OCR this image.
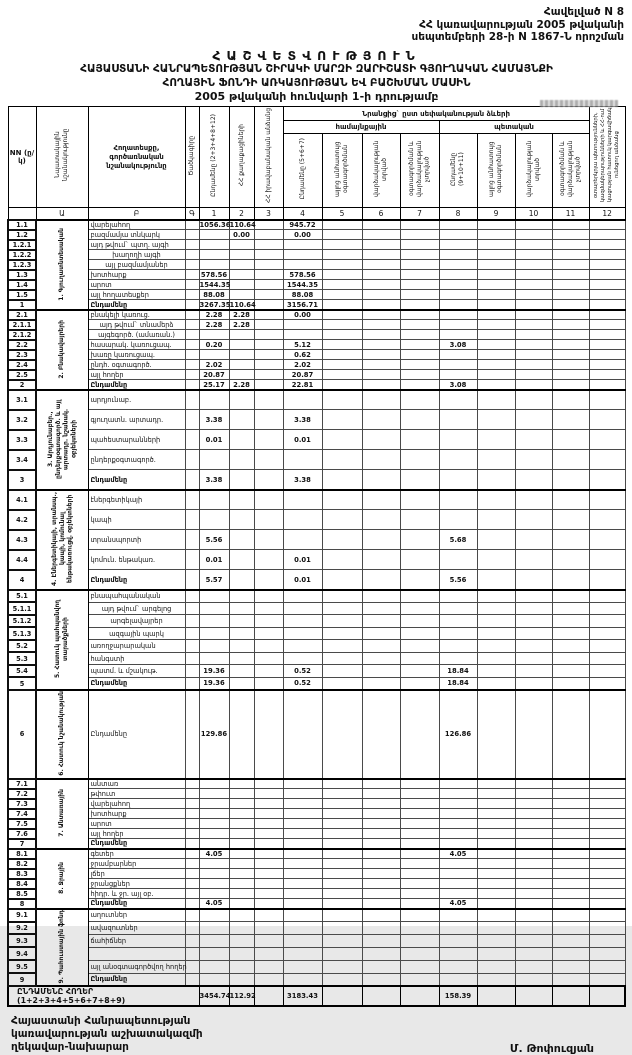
Հավելված N 8
ՀՀ կառավարության 2005 թվականի
սեպտեմբերի 28-ի N 1867-Ն որոշման
ՀԱՇՎԵՏՎՈՒԹՅՈՒՆ
ՀԱՅԱՍՏԱՆԻ ՀԱՆՐԱՊԵՏՈՒԹՅԱՆ ՇԻՐԱԿԻ ՄԱՐԶԻ ԶԱՐԻՇԱՏԻ ԳՅՈՒՂԱԿԱՆ ՀԱՄԱՅՆՔԻ
ՀՈՂԱՅԻՆ ՖՈՆԴԻ ԱՌԿԱՅՈՒԹՅԱՆ ԵՎ ԲԱՇԽՄԱՆ ՄԱՍԻՆ
2005 թվականի հունվարի 1-ի դրությամբ
NN (ը/կ)	Նպատակային նշանակությունը	Հողատեսքը, գործառնական նշանակությունը	Ծածկագիրը	Ընդամենը (2+3+4+8+12)	ՀՀ քաղաքացիների	ՀՀ իրավաբանական անձանց	Նրանցից` ըստ սեփականության ձևերի								օտարերկրյա պետությունների, կազմակերպությունների և ՀՀ-ում կացության հատուկ կարգավիճակ ունեցող անձանց
							համայնքային				պետական				
							Ընդամենը (5+6+7)	այլոց անհատույց օգտագործման	վարձակալության տրված	օգտագործման և վարձակալության չտրված	Ընդամենը (9+10+11)	այլոց անհատույց օգտագործման	վարձակալության տրված	օգտագործման և վարձակալության չտրված	
	Ա	Բ	Գ	1	2	3	4	5	6	7	8	9	10	11	12
1.1	1. Գյուղատնտեսական	վարելահող		1056.36	110.64		945.72								
1.2		բազմամյա տնկարկ			0.00		0.00								
1.2.1		այդ թվում` պտղ. այգի													
1.2.2		խաղողի այգի													
1.2.3		այլ բազմամյաներ													
1.3		խոտհարք		578.56			578.56								
1.4		արոտ		1544.35			1544.35								
1.5		այլ հողատեսքեր		88.08			88.08								
1		Ընդամենը		3267.35	110.64		3156.71								
2.1	2. Բնակավայրերի	բնակելի կառուց.		2.28	2.28		0.00								
2.1.1		այդ թվում` տնամերձ		2.28	2.28										
2.1.2		այգեգործ. (ամառան.)													
2.2		հասարակ. կառուցապ.		0.20			5.12				3.08				
2.3		խառը կառուցապ.					0.62								
2.4		ընդհ. օգտագործ.		2.02			2.02								
2.5		այլ հողեր		20.87			20.87								
2		Ընդամենը		25.17	2.28		22.81				3.08				
3.1	3. Արդյունաբեր., ընդերքօգտագործ. և այլ արտադր. նշանակ. օբյեկտների	արդյունաբ.													
3.2		գյուղատն. արտադր.		3.38			3.38								
3.3		պահեստարանների		0.01			0.01								
3.4		ընդերքօգտագործ.													
3		Ընդամենը		3.38			3.38								
4.1	4. Էներգետիկայի, տրանսպ., կապի, կոմունալ ենթակառուցվ. օբյեկտների	էներգետիկայի													
4.2		կապի													
4.3		տրանսպորտի		5.56							5.68				
4.4		կոմուն. ենթակառ.		0.01			0.01								
4		Ընդամենը		5.57			0.01				5.56				
5.1	5. Հատուկ պահպանվող տարածքների	բնապահպանական													
5.1.1		այդ թվում` արգելոց													
5.1.2		արգելավայրեր													
5.1.3		ազգային պարկ													
5.2		առողջարարական													
5.3		հանգստի													
5.4		պատմ. և մշակութ.		19.36			0.52				18.84				
5		Ընդամենը		19.36			0.52				18.84				
6	6. Հատուկ նշանակության	Ընդամենը		129.86							126.86				
7.1	7. Անտառային	անտառ													
7.2		թփուտ													
7.3		վարելահող													
7.4		խոտհարք													
7.5		արոտ													
7.6		այլ հողեր													
7		Ընդամենը													
8.1	8. Ջրային	գետեր		4.05							4.05				
8.2		ջրամբարներ													
8.3		լճեր													
8.4		ջրանցքներ													
8.5		հիդր. և ջր. այլ օբ.													
8		Ընդամենը		4.05							4.05				
9.1	9. Պահուստային ֆոնդ	աղուտներ													
9.2		ավազուտներ													
9.3		ճահիճներ													
9.4															
9.5		այլ անօգտագործվող հողեր													
9		Ընդամենը													
ԸՆԴԱՄԵՆԸ ՀՈՂԵՐ (1+2+3+4+5+6+7+8+9)				3454.74	112.92		3183.43				158.39				
Հայաստանի Հանրապետության
կառավարության աշխատակազմի
ղեկավար-նախարար	Մ. Թոփուզյան
